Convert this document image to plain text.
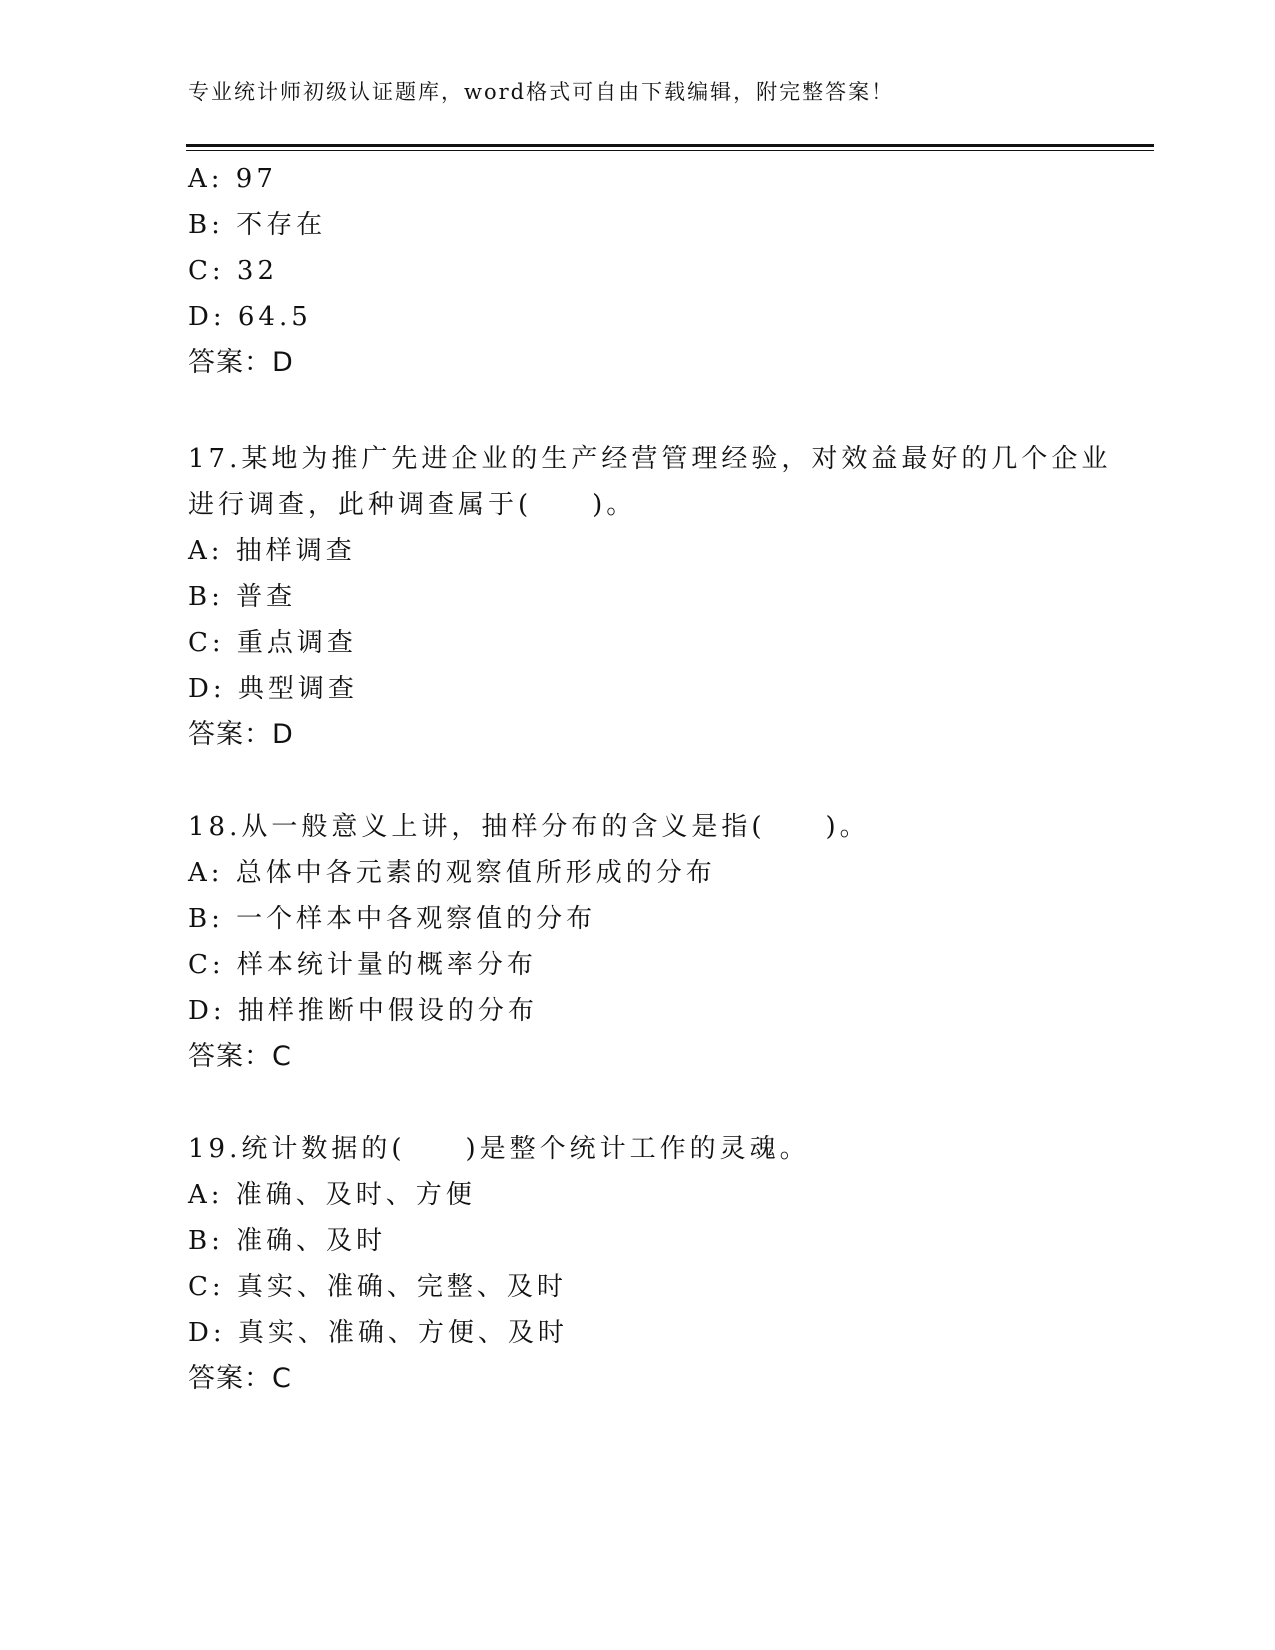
专业统计师初级认证题库，word格式可自由下载编辑，附完整答案！
A: 97
B: 不存在
C: 32
D: 64.5
答案：D
17.某地为推广先进企业的生产经营管理经验，对效益最好的几个企业
进行调查，此种调查属于(　　)。
A: 抽样调查
B: 普查
C: 重点调查
D: 典型调查
答案：D
18.从一般意义上讲，抽样分布的含义是指(　　)。
A: 总体中各元素的观察值所形成的分布
B: 一个样本中各观察值的分布
C: 样本统计量的概率分布
D: 抽样推断中假设的分布
答案：C
19.统计数据的(　　)是整个统计工作的灵魂。
A: 准确、及时、方便
B: 准确、及时
C: 真实、准确、完整、及时
D: 真实、准确、方便、及时
答案：C
